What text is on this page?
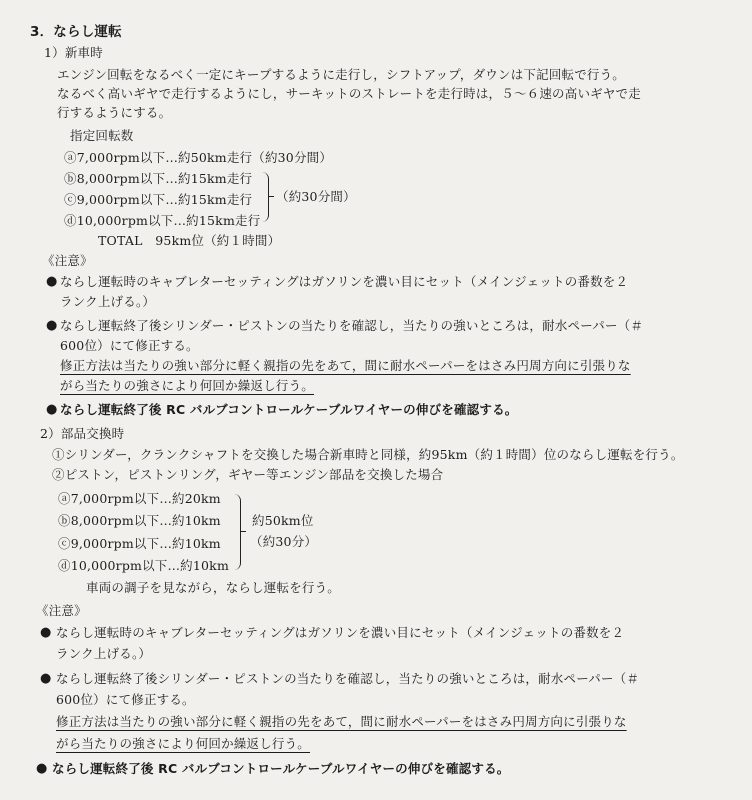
3．ならし運転
1）新車時
エンジン回転をなるべく一定にキープするように走行し，シフトアップ，ダウンは下記回転で行う。
なるべく高いギヤで走行するようにし，サーキットのストレートを走行時は，５～６速の高いギヤで走
行するようにする。
指定回転数
ⓐ7,000rpm以下…約50km走行（約30分間）
ⓑ8,000rpm以下…約15km走行
ⓒ9,000rpm以下…約15km走行
ⓓ10,000rpm以下…約15km走行
（約30分間）
TOTAL　95km位（約１時間）
《注意》
● ならし運転時のキャブレターセッティングはガソリンを濃い目にセット（メインジェットの番数を２
ランク上げる。）
● ならし運転終了後シリンダー・ピストンの当たりを確認し，当たりの強いところは，耐水ペーパー（＃
600位）にて修正する。
修正方法は当たりの強い部分に軽く親指の先をあて，間に耐水ペーパーをはさみ円周方向に引張りな
がら当たりの強さにより何回か繰返し行う。
● ならし運転終了後 RC バルブコントロールケーブルワイヤーの伸びを確認する。
2）部品交換時
①シリンダー，クランクシャフトを交換した場合新車時と同様，約95km（約１時間）位のならし運転を行う。
②ピストン，ピストンリング，ギヤー等エンジン部品を交換した場合
ⓐ7,000rpm以下…約20km
ⓑ8,000rpm以下…約10km
ⓒ9,000rpm以下…約10km
ⓓ10,000rpm以下…約10km
約50km位
（約30分）
車両の調子を見ながら，ならし運転を行う。
《注意》
● ならし運転時のキャブレターセッティングはガソリンを濃い目にセット（メインジェットの番数を２
ランク上げる。）
● ならし運転終了後シリンダー・ピストンの当たりを確認し，当たりの強いところは，耐水ペーパー（＃
600位）にて修正する。
修正方法は当たりの強い部分に軽く親指の先をあて，間に耐水ペーパーをはさみ円周方向に引張りな
がら当たりの強さにより何回か繰返し行う。
● ならし運転終了後 RC バルブコントロールケーブルワイヤーの伸びを確認する。
